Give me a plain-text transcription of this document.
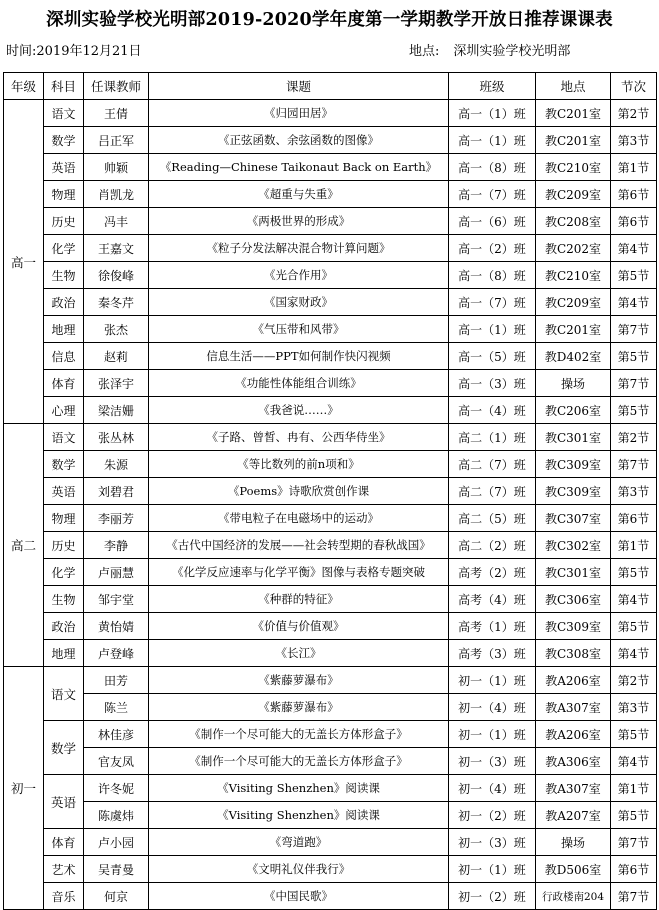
深圳实验学校光明部2019-2020学年度第一学期教学开放日推荐课课表
时间:2019年12月21日	地点: 深圳实验学校光明部
年级	科目	任课教师	课题	班级	地点	节次
高一	语文	王倩	《归园田居》	高一（1）班	教C201室	第2节
	数学	吕正军	《正弦函数、余弦函数的图像》	高一（1）班	教C201室	第3节
	英语	帅颖	《Reading—Chinese Taikonaut Back on Earth》	高一（8）班	教C210室	第1节
	物理	肖凯龙	《超重与失重》	高一（7）班	教C209室	第6节
	历史	冯丰	《两极世界的形成》	高一（6）班	教C208室	第6节
	化学	王嘉文	《粒子分发法解决混合物计算问题》	高一（2）班	教C202室	第4节
	生物	徐俊峰	《光合作用》	高一（8）班	教C210室	第5节
	政治	秦冬芹	《国家财政》	高一（7）班	教C209室	第4节
	地理	张杰	《气压带和风带》	高一（1）班	教C201室	第7节
	信息	赵莉	信息生活——PPT如何制作快闪视频	高一（5）班	教D402室	第5节
	体育	张泽宇	《功能性体能组合训练》	高一（3）班	操场	第7节
	心理	梁洁姗	《我爸说……》	高一（4）班	教C206室	第5节
高二	语文	张丛林	《子路、曾皙、冉有、公西华侍坐》	高二（1）班	教C301室	第2节
	数学	朱源	《等比数列的前n项和》	高二（7）班	教C309室	第7节
	英语	刘碧君	《Poems》诗歌欣赏创作课	高二（7）班	教C309室	第3节
	物理	李丽芳	《带电粒子在电磁场中的运动》	高二（5）班	教C307室	第6节
	历史	李静	《古代中国经济的发展——社会转型期的春秋战国》	高二（2）班	教C302室	第1节
	化学	卢丽慧	《化学反应速率与化学平衡》图像与表格专题突破	高考（2）班	教C301室	第5节
	生物	邹宇堂	《种群的特征》	高考（4）班	教C306室	第4节
	政治	黄怡婧	《价值与价值观》	高考（1）班	教C309室	第5节
	地理	卢登峰	《长江》	高考（3）班	教C308室	第4节
初一	语文	田芳	《紫藤萝瀑布》	初一（1）班	教A206室	第2节
		陈兰	《紫藤萝瀑布》	初一（4）班	教A307室	第3节
	数学	林佳彦	《制作一个尽可能大的无盖长方体形盒子》	初一（1）班	教A206室	第5节
		官友凤	《制作一个尽可能大的无盖长方体形盒子》	初一（3）班	教A306室	第4节
	英语	许冬妮	《Visiting Shenzhen》阅读课	初一（4）班	教A307室	第1节
		陈虞炜	《Visiting Shenzhen》阅读课	初一（2）班	教A207室	第5节
	体育	卢小园	《弯道跑》	初一（3）班	操场	第7节
	艺术	吴青曼	《文明礼仪伴我行》	初一（1）班	教D506室	第6节
	音乐	何京	《中国民歌》	初一（2）班	行政楼南204	第7节
